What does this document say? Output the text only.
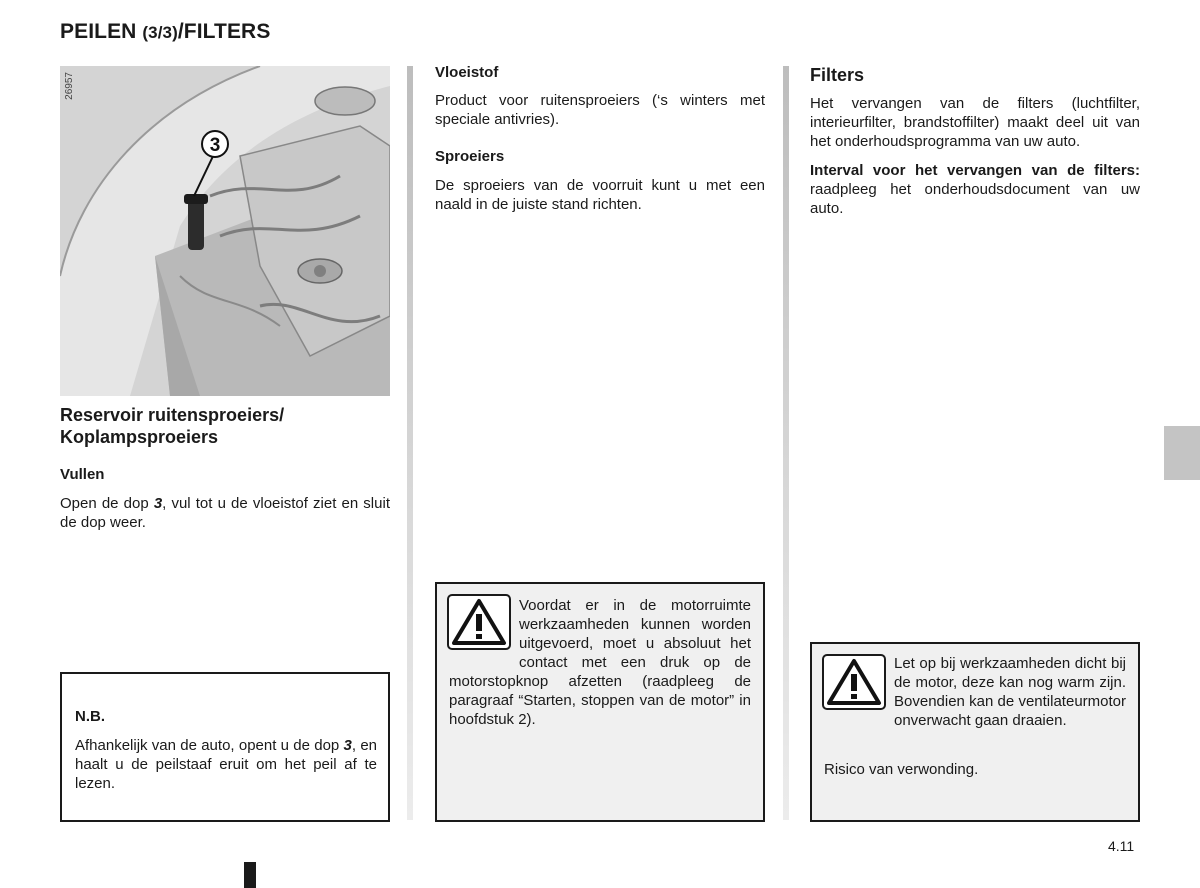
PEILEN (3/3)/FILTERS
3
26957
Reservoir ruitensproeiers/ Koplampsproeiers

Vullen

Open de dop 3, vul tot u de vloeistof ziet en sluit de dop weer.

N.B.

Afhankelijk van de auto, opent u de dop 3, en haalt u de peilstaaf eruit om het peil af te lezen.

Vloeistof

Product voor ruitensproeiers (‘s winters met speciale antivries).

Sproeiers

De sproeiers van de voorruit kunt u met een naald in de juiste stand richten.

Voordat er in de motorruimte werkzaamheden kunnen worden uitgevoerd, moet u absoluut het contact met een druk op de motorstopknop afzetten (raadpleeg de paragraaf “Starten, stoppen van de motor” in hoofdstuk 2).

Filters

Het vervangen van de filters (luchtfilter, interieurfilter, brandstoffilter) maakt deel uit van het onderhoudsprogramma van uw auto.

Interval voor het vervangen van de filters: raadpleeg het onderhoudsdocument van uw auto.

Let op bij werkzaamheden dicht bij de motor, deze kan nog warm zijn. Bovendien kan de ventilateurmotor onverwacht gaan draaien.

Risico van verwonding.

4.11
